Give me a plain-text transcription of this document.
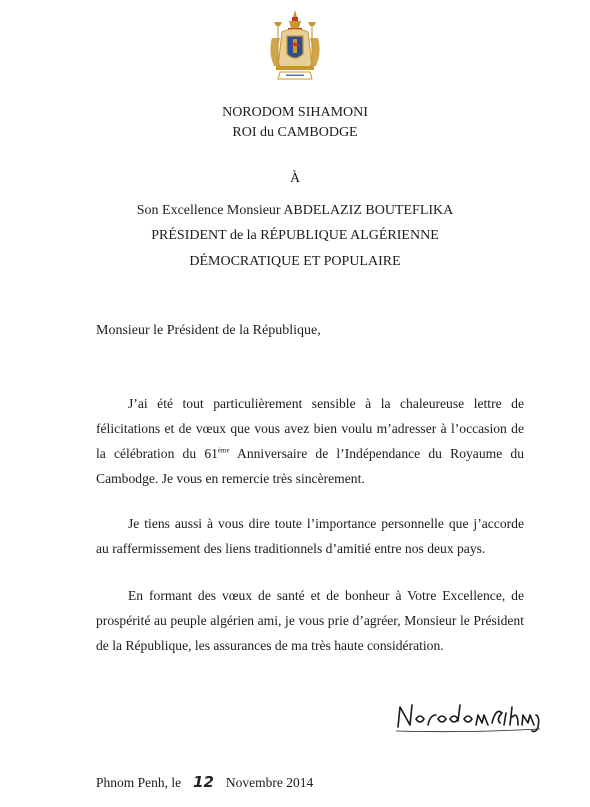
NORODOM SIHAMONI
ROI du CAMBODGE
À
Son Excellence Monsieur ABDELAZIZ BOUTEFLIKA
PRÉSIDENT de la RÉPUBLIQUE ALGÉRIENNE
DÉMOCRATIQUE ET POPULAIRE
Monsieur le Président de la République,

J’ai été tout particulièrement sensible à la chaleureuse lettre de félicitations et de vœux que vous avez bien voulu m’adresser à l’occasion de la célébration du 61ème Anniversaire de l’Indépendance du Royaume du Cambodge. Je vous en remercie très sincèrement.

Je tiens aussi à vous dire toute l’importance personnelle que j’accorde au raffermissement des liens traditionnels d’amitié entre nos deux pays.

En formant des vœux de santé et de bonheur à Votre Excellence, de prospérité au peuple algérien ami, je vous prie d’agréer, Monsieur le Président de la République, les assurances de ma très haute considération.

Phnom Penh, le 12 Novembre 2014
